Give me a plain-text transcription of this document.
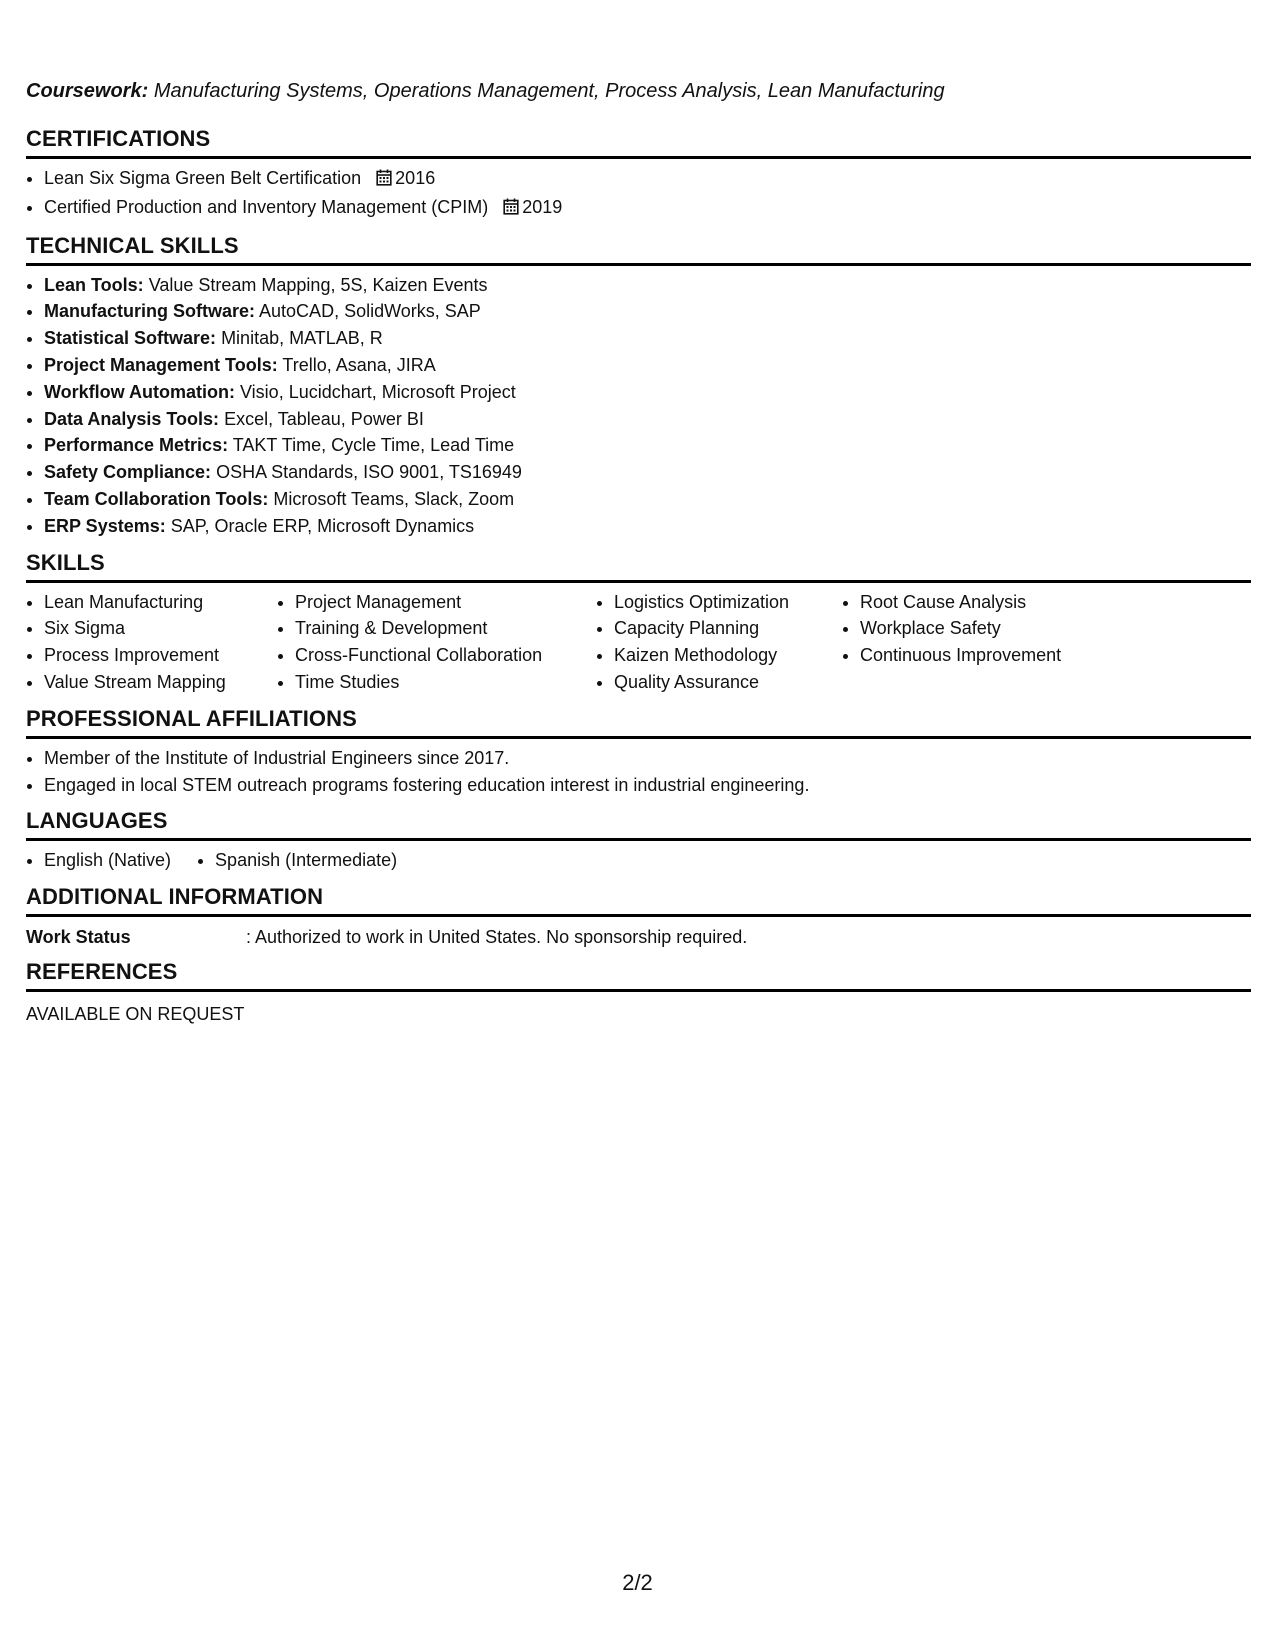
Coursework: Manufacturing Systems, Operations Management, Process Analysis, Lean Manufacturing

CERTIFICATIONS
• Lean Six Sigma Green Belt Certification 2016
• Certified Production and Inventory Management (CPIM) 2019
TECHNICAL SKILLS
• Lean Tools: Value Stream Mapping, 5S, Kaizen Events
• Manufacturing Software: AutoCAD, SolidWorks, SAP
• Statistical Software: Minitab, MATLAB, R
• Project Management Tools: Trello, Asana, JIRA
• Workflow Automation: Visio, Lucidchart, Microsoft Project
• Data Analysis Tools: Excel, Tableau, Power BI
• Performance Metrics: TAKT Time, Cycle Time, Lead Time
• Safety Compliance: OSHA Standards, ISO 9001, TS16949
• Team Collaboration Tools: Microsoft Teams, Slack, Zoom
• ERP Systems: SAP, Oracle ERP, Microsoft Dynamics
SKILLS
• Lean Manufacturing
• Six Sigma
• Process Improvement
• Value Stream Mapping
• Project Management
• Training & Development
• Cross-Functional Collaboration
• Time Studies
• Logistics Optimization
• Capacity Planning
• Kaizen Methodology
• Quality Assurance
• Root Cause Analysis
• Workplace Safety
• Continuous Improvement
PROFESSIONAL AFFILIATIONS
• Member of the Institute of Industrial Engineers since 2017.
• Engaged in local STEM outreach programs fostering education interest in industrial engineering.
LANGUAGES
• English (Native)
• Spanish (Intermediate)
ADDITIONAL INFORMATION
Work Status	: Authorized to work in United States. No sponsorship required.
REFERENCES
AVAILABLE ON REQUEST
2/2
